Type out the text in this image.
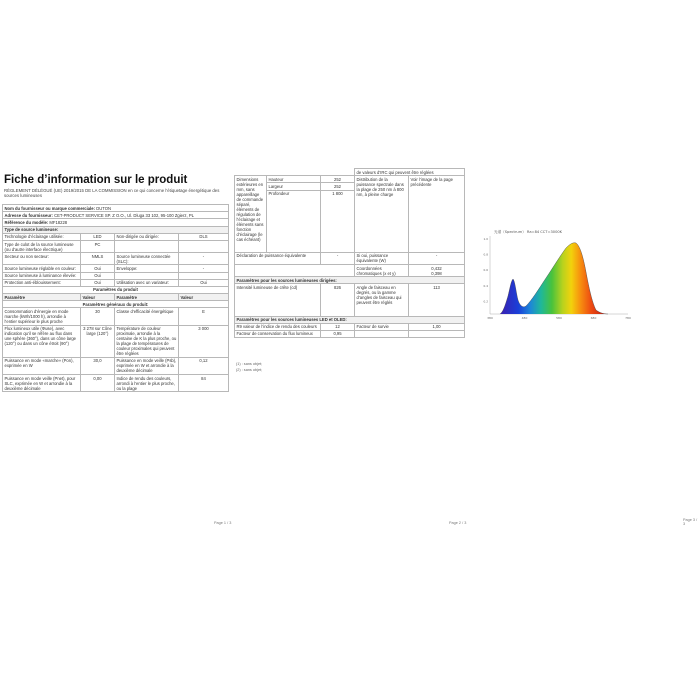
Fiche d’information sur le produit
RÈGLEMENT DÉLÉGUÉ (UE) 2019/2015 DE LA COMMISSION en ce qui concerne l’étiquetage énergétique des sources lumineuses
Nom du fournisseur ou marque commerciale: DUTON			
Adresse du fournisseur: CET-PRODUCT SERVICE SP. Z O.O., Ul. Dluga 33 102, 95-100 Zgierz, PL			
Référence du modèle: MF18228			
Type de source lumineuse:			
Technologie d’éclairage utilisée:	LED	Non-dirigée ou dirigée:	DLS
Type de culot de la source lumineuse (ou d’autre interface électrique)	PC		
Secteur ou non secteur:	NMLS	Source lumineuse connectée (SLC):	-
Source lumineuse réglable en couleur:	Oui	Enveloppe:	-
Source lumineuse à luminance élevée:	Oui		
Protection anti-éblouissement:	Oui	Utilisation avec un variateur:	Oui
Paramètres du produit			
Paramètre	Valeur	Paramètre	Valeur
Paramètres généraux du produit:			
Consommation d’énergie en mode marche (kWh/1000 h), arrondie à l’entier supérieur le plus proche	30	Classe d’efficacité énergétique	E
Flux lumineux utile (Φuse), avec indication qu’il se réfère au flux dans une sphère (360°), dans un cône large (120°) ou dans un cône étroit (90°)	3 278 sur Cône large (120°)	Température de couleur proximale, arrondie à la centaine de K la plus proche, ou la plage de températures de couleur proximales qui peuvent être réglées	3 000
Puissance en mode «marche» (Pon), exprimée en W	30,0	Puissance en mode veille (Psb), exprimée en W et arrondie à la deuxième décimale	0,12
Puissance en mode veille (Pnet), pour SLC, exprimée en W et arrondie à la deuxième décimale	0,00	Indice de rendu des couleurs, arrondi à l’entier le plus proche, ou la plage	84
Page 1 / 3
			de valeurs d’IRC qui peuvent être réglées	
Dimensions extérieures en mm, sans appareillage de commande séparé, éléments de régulation de l’éclairage et éléments sans fonction d’éclairage (le cas échéant)	Hauteur	252	Distribution de la puissance spectrale dans la plage de 250 nm à 800 nm, à pleine charge	Voir l’image de la page précédente
	Largeur	252		
	Profondeur	1 800		
Déclaration de puissance équivalente		-	Si oui, puissance équivalente (W)	-
			Coordonnées chromatiques (x et y)	0,432
0,398

Paramètres pour les sources lumineuses dirigées:				
Intensité lumineuse de crête (cd)		826	Angle de faisceau en degrés, ou la gamme d’angles de faisceau qui peuvent être réglés	113
Paramètres pour les sources lumineuses LED et OLED:				
R9 valeur de l’indice de rendu des couleurs		12	Facteur de survie	1,00
Facteur de conservation du flux lumineux		0,95		
(1) : sans objet;
(2) : sans objet;
Page 2 / 3
光谱（Spectrum） Ra=84 CCT=3000K
1.0
0.8
0.6
0.4
0.2
380	480	580	680	780
Page 3 / 3
